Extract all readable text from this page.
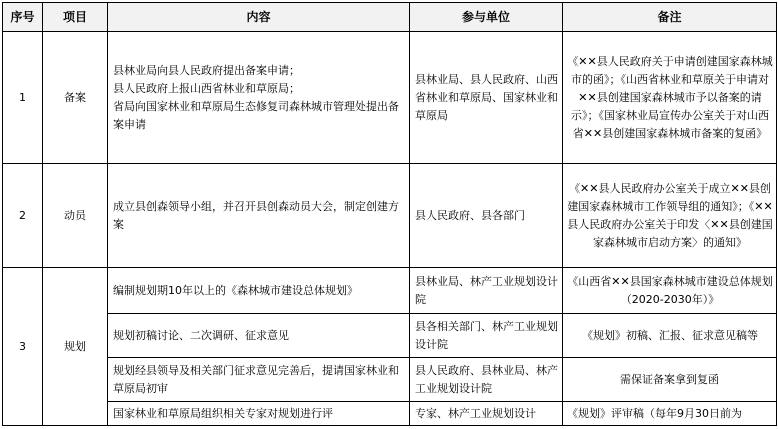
序号	项目	内容	参与单位	备注
1	备案	县林业局向县人民政府提出备案申请；
县人民政府上报山西省林业和草原局；
省局向国家林业和草原局生态修复司森林城市管理处提出备案申请	县林业局、县人民政府、山西省林业和草原局、国家林业和草原局	《✕✕县人民政府关于申请创建国家森林城市的函》；《山西省林业和草原关于申请对✕✕县创建国家森林城市予以备案的请示》；《国家林业局宣传办公室关于对山西省✕✕县创建国家森林城市备案的复函》
2	动员	成立县创森领导小组，并召开县创森动员大会，制定创建方案	县人民政府、县各部门	《✕✕县人民政府办公室关于成立✕✕县创建国家森林城市工作领导组的通知》；《✕✕县人民政府办公室关于印发〈✕✕县创建国家森林城市启动方案〉的通知》
3	规划	编制规划期10年以上的《森林城市建设总体规划》	县林业局、林产工业规划设计院	《山西省✕✕县国家森林城市建设总体规划（2020-2030年）》
		规划初稿讨论、二次调研、征求意见	县各相关部门、林产工业规划设计院	《规划》初稿、汇报、征求意见稿等
		规划经县领导及相关部门征求意见完善后，提请国家林业和草原局初审	县人民政府、县林业局、林产工业规划设计院	需保证备案拿到复函
		国家林业和草原局组织相关专家对规划进行评	专家、林产工业规划设计	《规划》评审稿（每年9月30日前为
